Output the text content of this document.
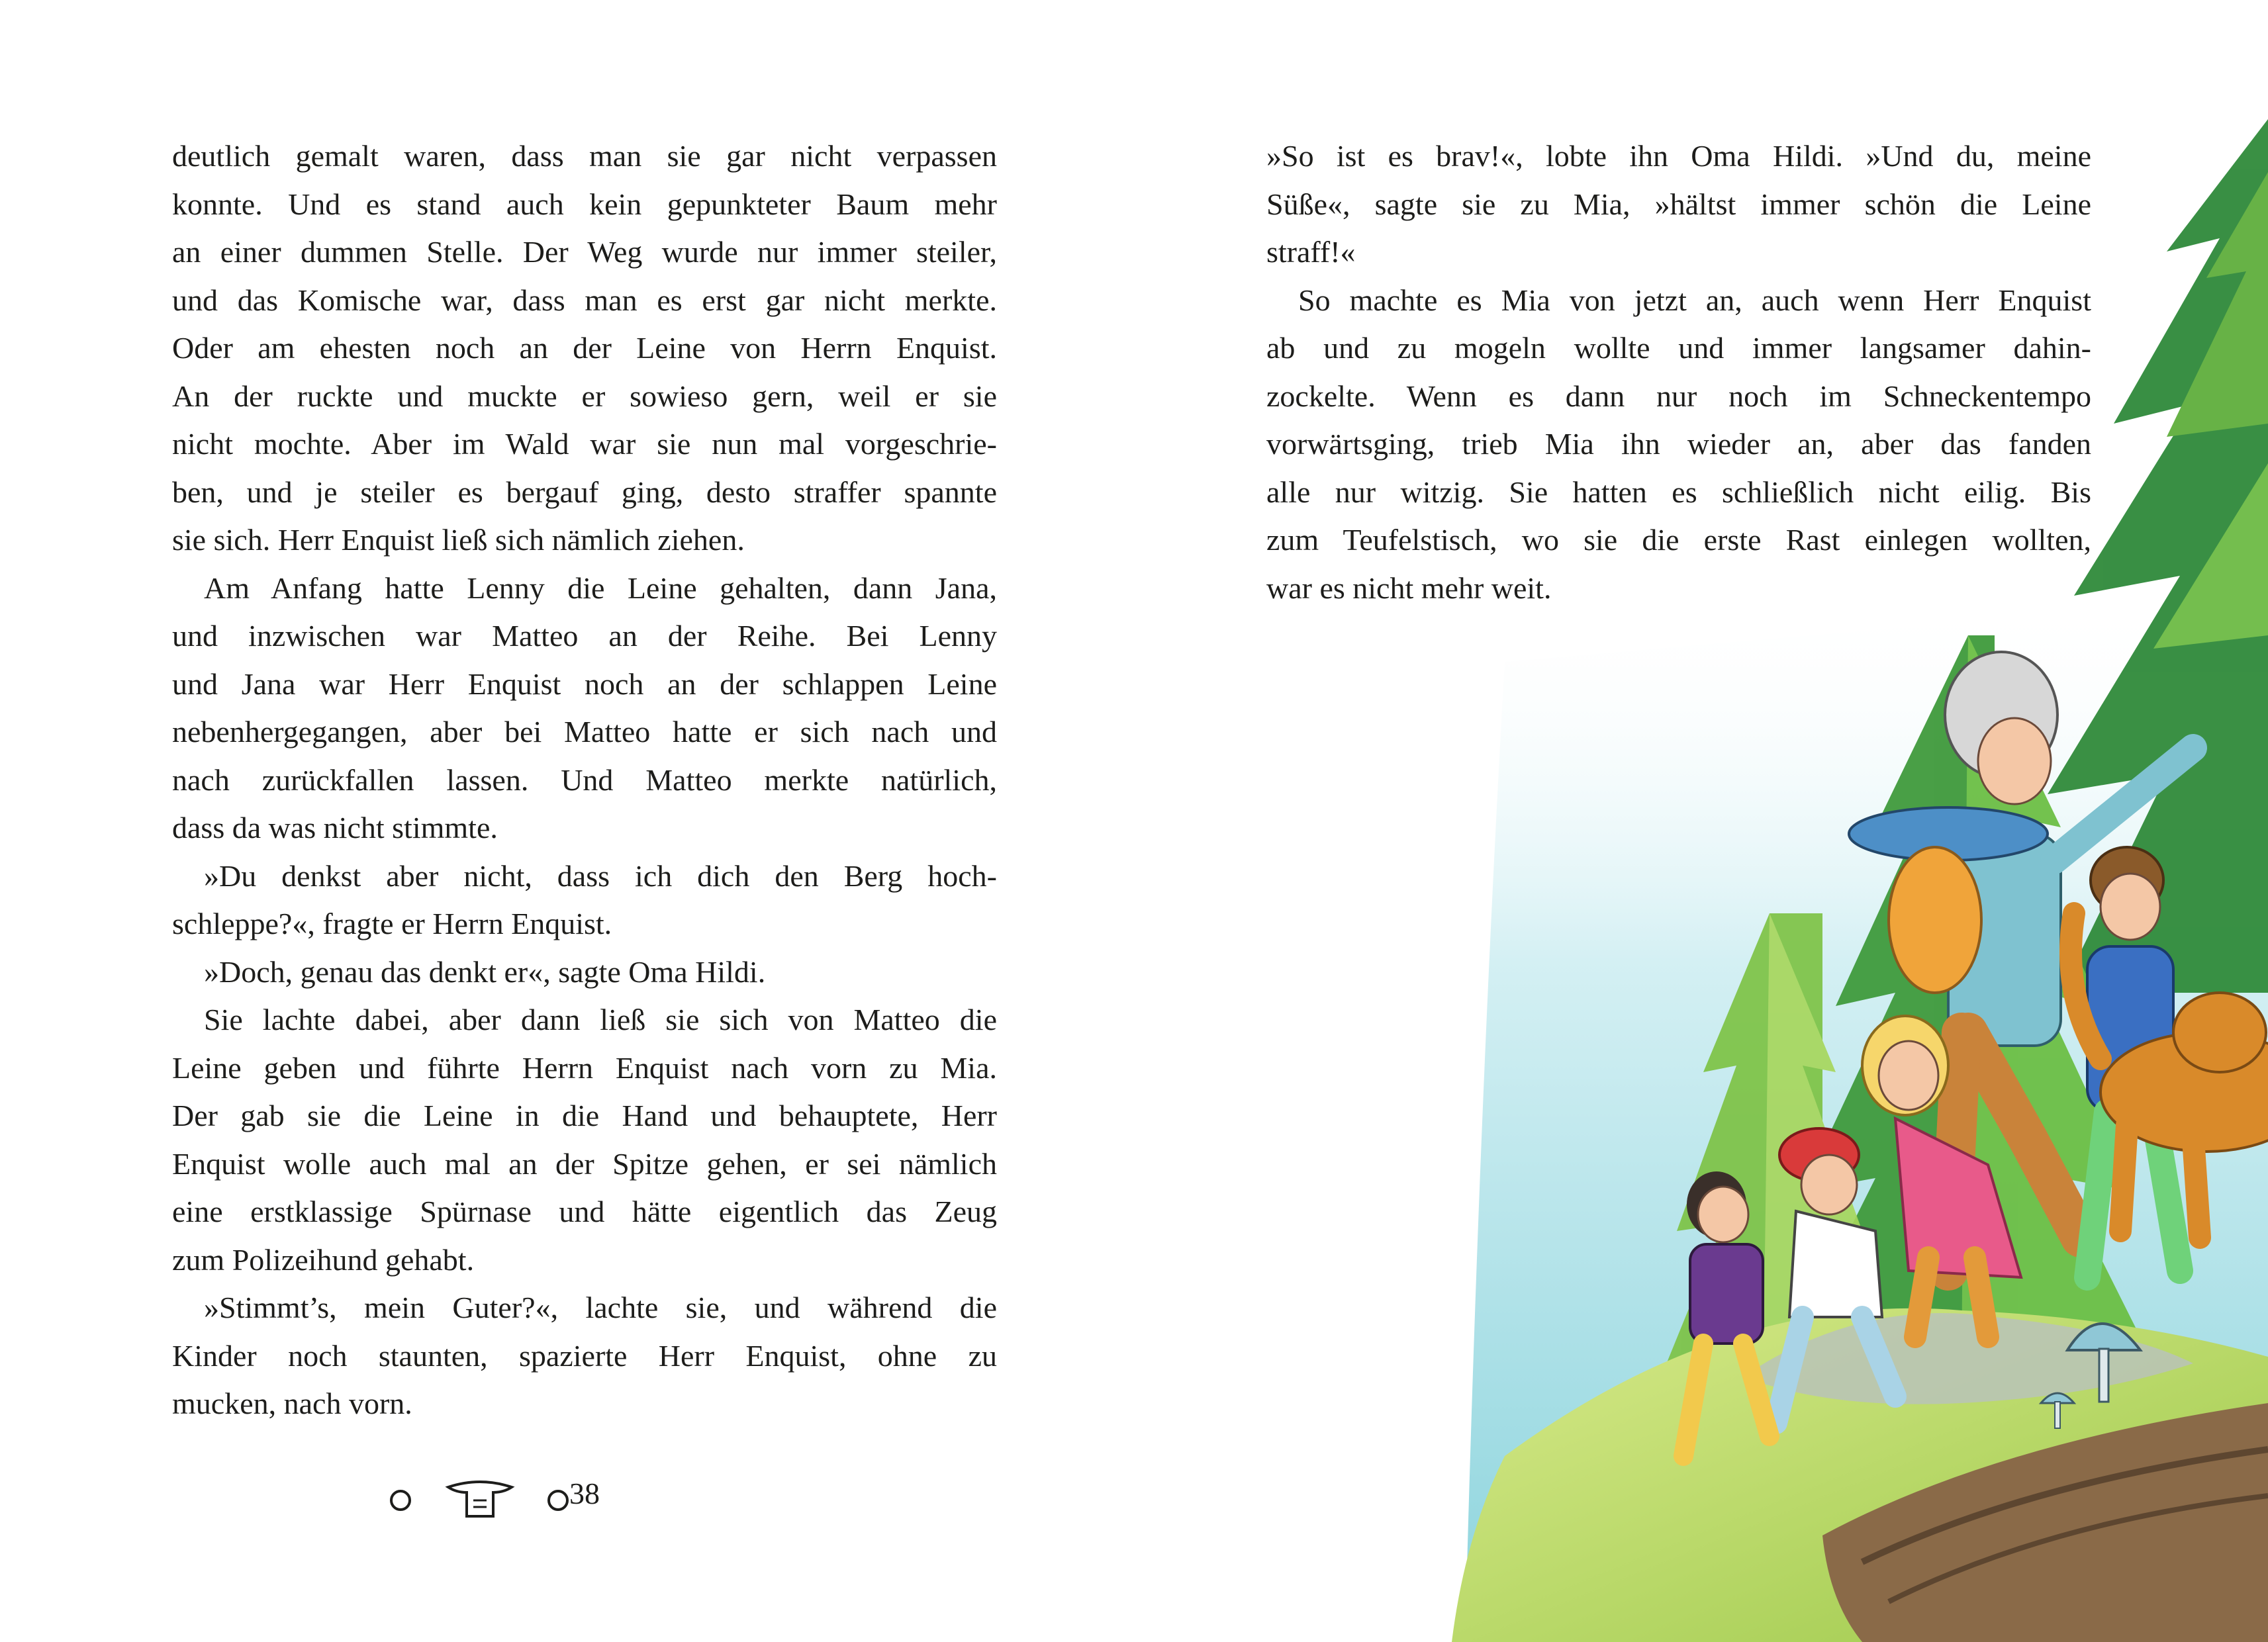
deutlich gemalt waren, dass man sie gar nicht verpassen
konnte. Und es stand auch kein gepunkteter Baum mehr
an einer dummen Stelle. Der Weg wurde nur immer steiler,
und das Komische war, dass man es erst gar nicht merkte.
Oder am ehesten noch an der Leine von Herrn Enquist.
An der ruckte und muckte er sowieso gern, weil er sie
nicht mochte. Aber im Wald war sie nun mal vorgeschrie-
ben, und je steiler es bergauf ging, desto straffer spannte
sie sich. Herr Enquist ließ sich nämlich ziehen.
Am Anfang hatte Lenny die Leine gehalten, dann Jana,
und inzwischen war Matteo an der Reihe. Bei Lenny
und Jana war Herr Enquist noch an der schlappen Leine
nebenhergegangen, aber bei Matteo hatte er sich nach und
nach zurückfallen lassen. Und Matteo merkte natürlich,
dass da was nicht stimmte.
»Du denkst aber nicht, dass ich dich den Berg hoch-
schleppe?«, fragte er Herrn Enquist.
»Doch, genau das denkt er«, sagte Oma Hildi.
Sie lachte dabei, aber dann ließ sie sich von Matteo die
Leine geben und führte Herrn Enquist nach vorn zu Mia.
Der gab sie die Leine in die Hand und behauptete, Herr
Enquist wolle auch mal an der Spitze gehen, er sei nämlich
eine erstklassige Spürnase und hätte eigentlich das Zeug
zum Polizeihund gehabt.
»Stimmt’s, mein Guter?«, lachte sie, und während die
Kinder noch staunten, spazierte Herr Enquist, ohne zu
mucken, nach vorn.
38
»So ist es brav!«, lobte ihn Oma Hildi. »Und du, meine
Süße«, sagte sie zu Mia, »hältst immer schön die Leine
straff!«
So machte es Mia von jetzt an, auch wenn Herr Enquist
ab und zu mogeln wollte und immer langsamer dahin-
zockelte. Wenn es dann nur noch im Schneckentempo
vorwärtsging, trieb Mia ihn wieder an, aber das fanden
alle nur witzig. Sie hatten es schließlich nicht eilig. Bis
zum Teufelstisch, wo sie die erste Rast einlegen wollten,
war es nicht mehr weit.
